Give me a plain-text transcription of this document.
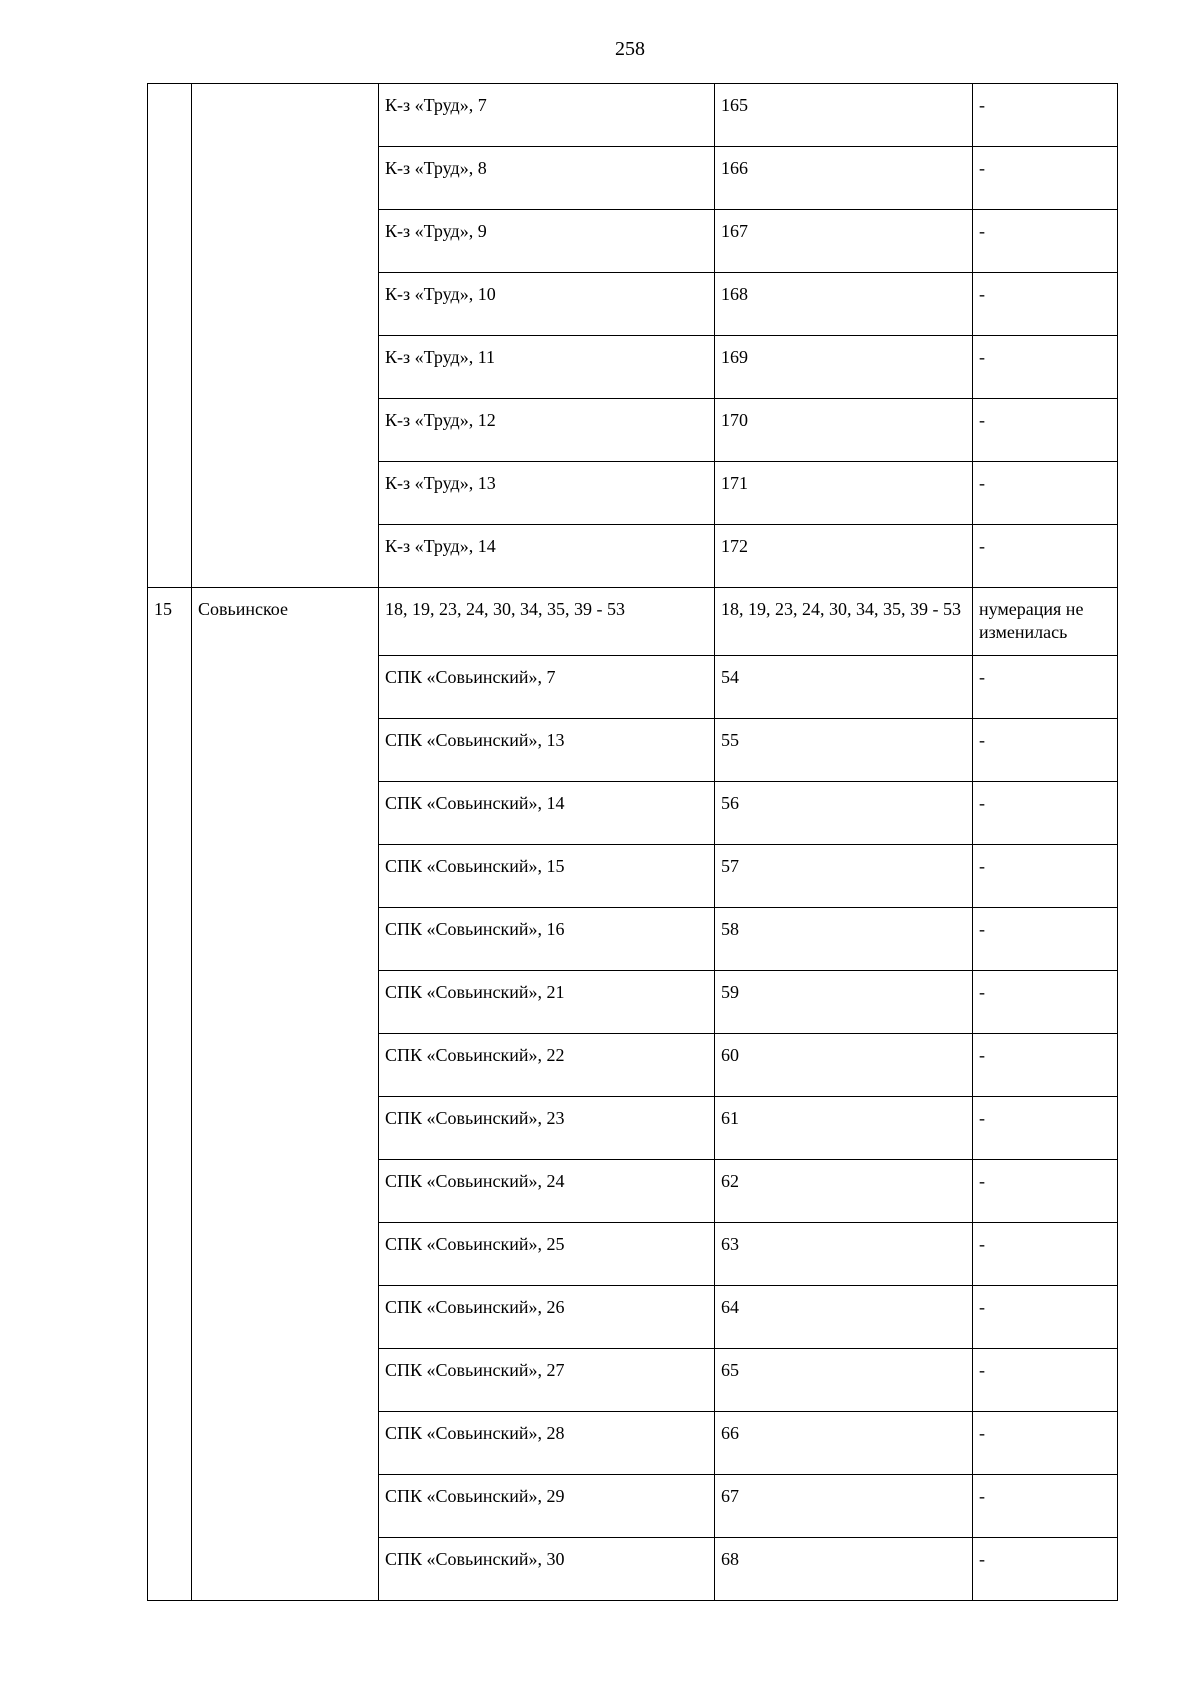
258
		К-з «Труд», 7	165	-
		К-з «Труд», 8	166	-
		К-з «Труд», 9	167	-
		К-з «Труд», 10	168	-
		К-з «Труд», 11	169	-
		К-з «Труд», 12	170	-
		К-з «Труд», 13	171	-
		К-з «Труд», 14	172	-
15	Совьинское	18, 19, 23, 24, 30, 34, 35, 39 - 53	18, 19, 23, 24, 30, 34, 35, 39 - 53	нумерация не изменилась
		СПК «Совьинский», 7	54	-
		СПК «Совьинский», 13	55	-
		СПК «Совьинский», 14	56	-
		СПК «Совьинский», 15	57	-
		СПК «Совьинский», 16	58	-
		СПК «Совьинский», 21	59	-
		СПК «Совьинский», 22	60	-
		СПК «Совьинский», 23	61	-
		СПК «Совьинский», 24	62	-
		СПК «Совьинский», 25	63	-
		СПК «Совьинский», 26	64	-
		СПК «Совьинский», 27	65	-
		СПК «Совьинский», 28	66	-
		СПК «Совьинский», 29	67	-
		СПК «Совьинский», 30	68	-
